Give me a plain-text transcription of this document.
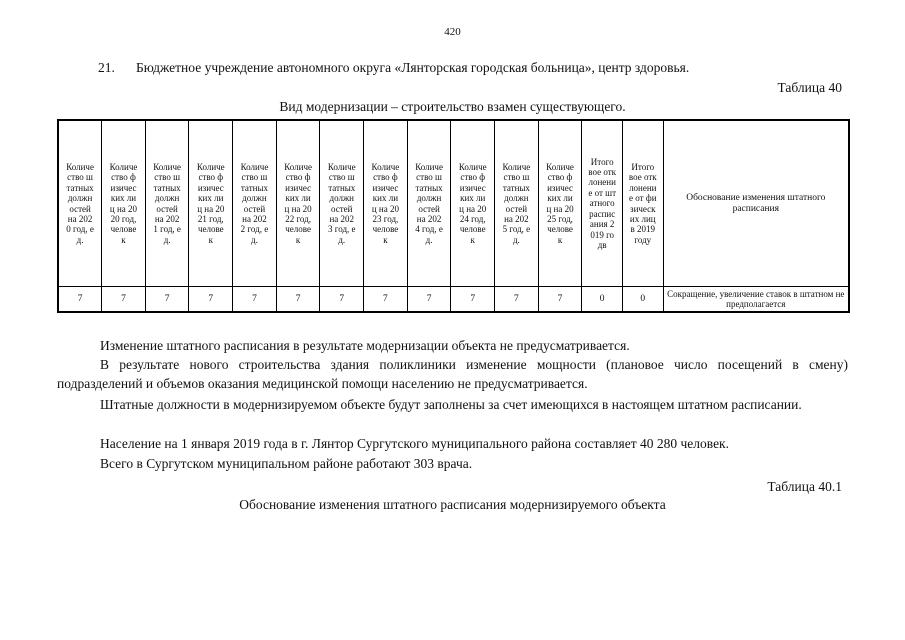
420
21. Бюджетное учреждение автономного округа «Лянторская городская больница», центр здоровья.
Таблица 40
Вид модернизации – строительство взамен существующего.
Количество штатных должностей на 2020 год, ед.	Количество физических лиц на 2020 год, человек	Количество штатных должностей на 2021 год, ед.	Количество физических лиц на 2021 год, человек	Количество штатных должностей на 2022 год, ед.	Количество физических лиц на 2022 год, человек	Количество штатных должностей на 2023 год, ед.	Количество физических лиц на 2023 год, человек	Количество штатных должностей на 2024 год, ед.	Количество физических лиц на 2024 год, человек	Количество штатных должностей на 2025 год, ед.	Количество физических лиц на 2025 год, человек	Итого вое отклонение от штатного расписания 2019 годв	Итого вое отклонение от физических лиц в 2019 году	Обоснование изменения штатного расписания
7	7	7	7	7	7	7	7	7	7	7	7	0	0	Сокращение, увеличение ставок в штатном не предполагается
Изменение штатного расписания в результате модернизации объекта не предусматривается.
В результате нового строительства здания поликлиники изменение мощности (плановое число посещений в смену) подразделений и объемов оказания медицинской помощи населению не предусматривается.
Штатные должности в модернизируемом объекте будут заполнены за счет имеющихся в настоящем штатном расписании.
Население на 1 января 2019 года в г. Лянтор Сургутского муниципального района составляет 40 280 человек.
Всего в Сургутском муниципальном районе работают 303 врача.
Таблица 40.1
Обоснование изменения штатного расписания модернизируемого объекта
